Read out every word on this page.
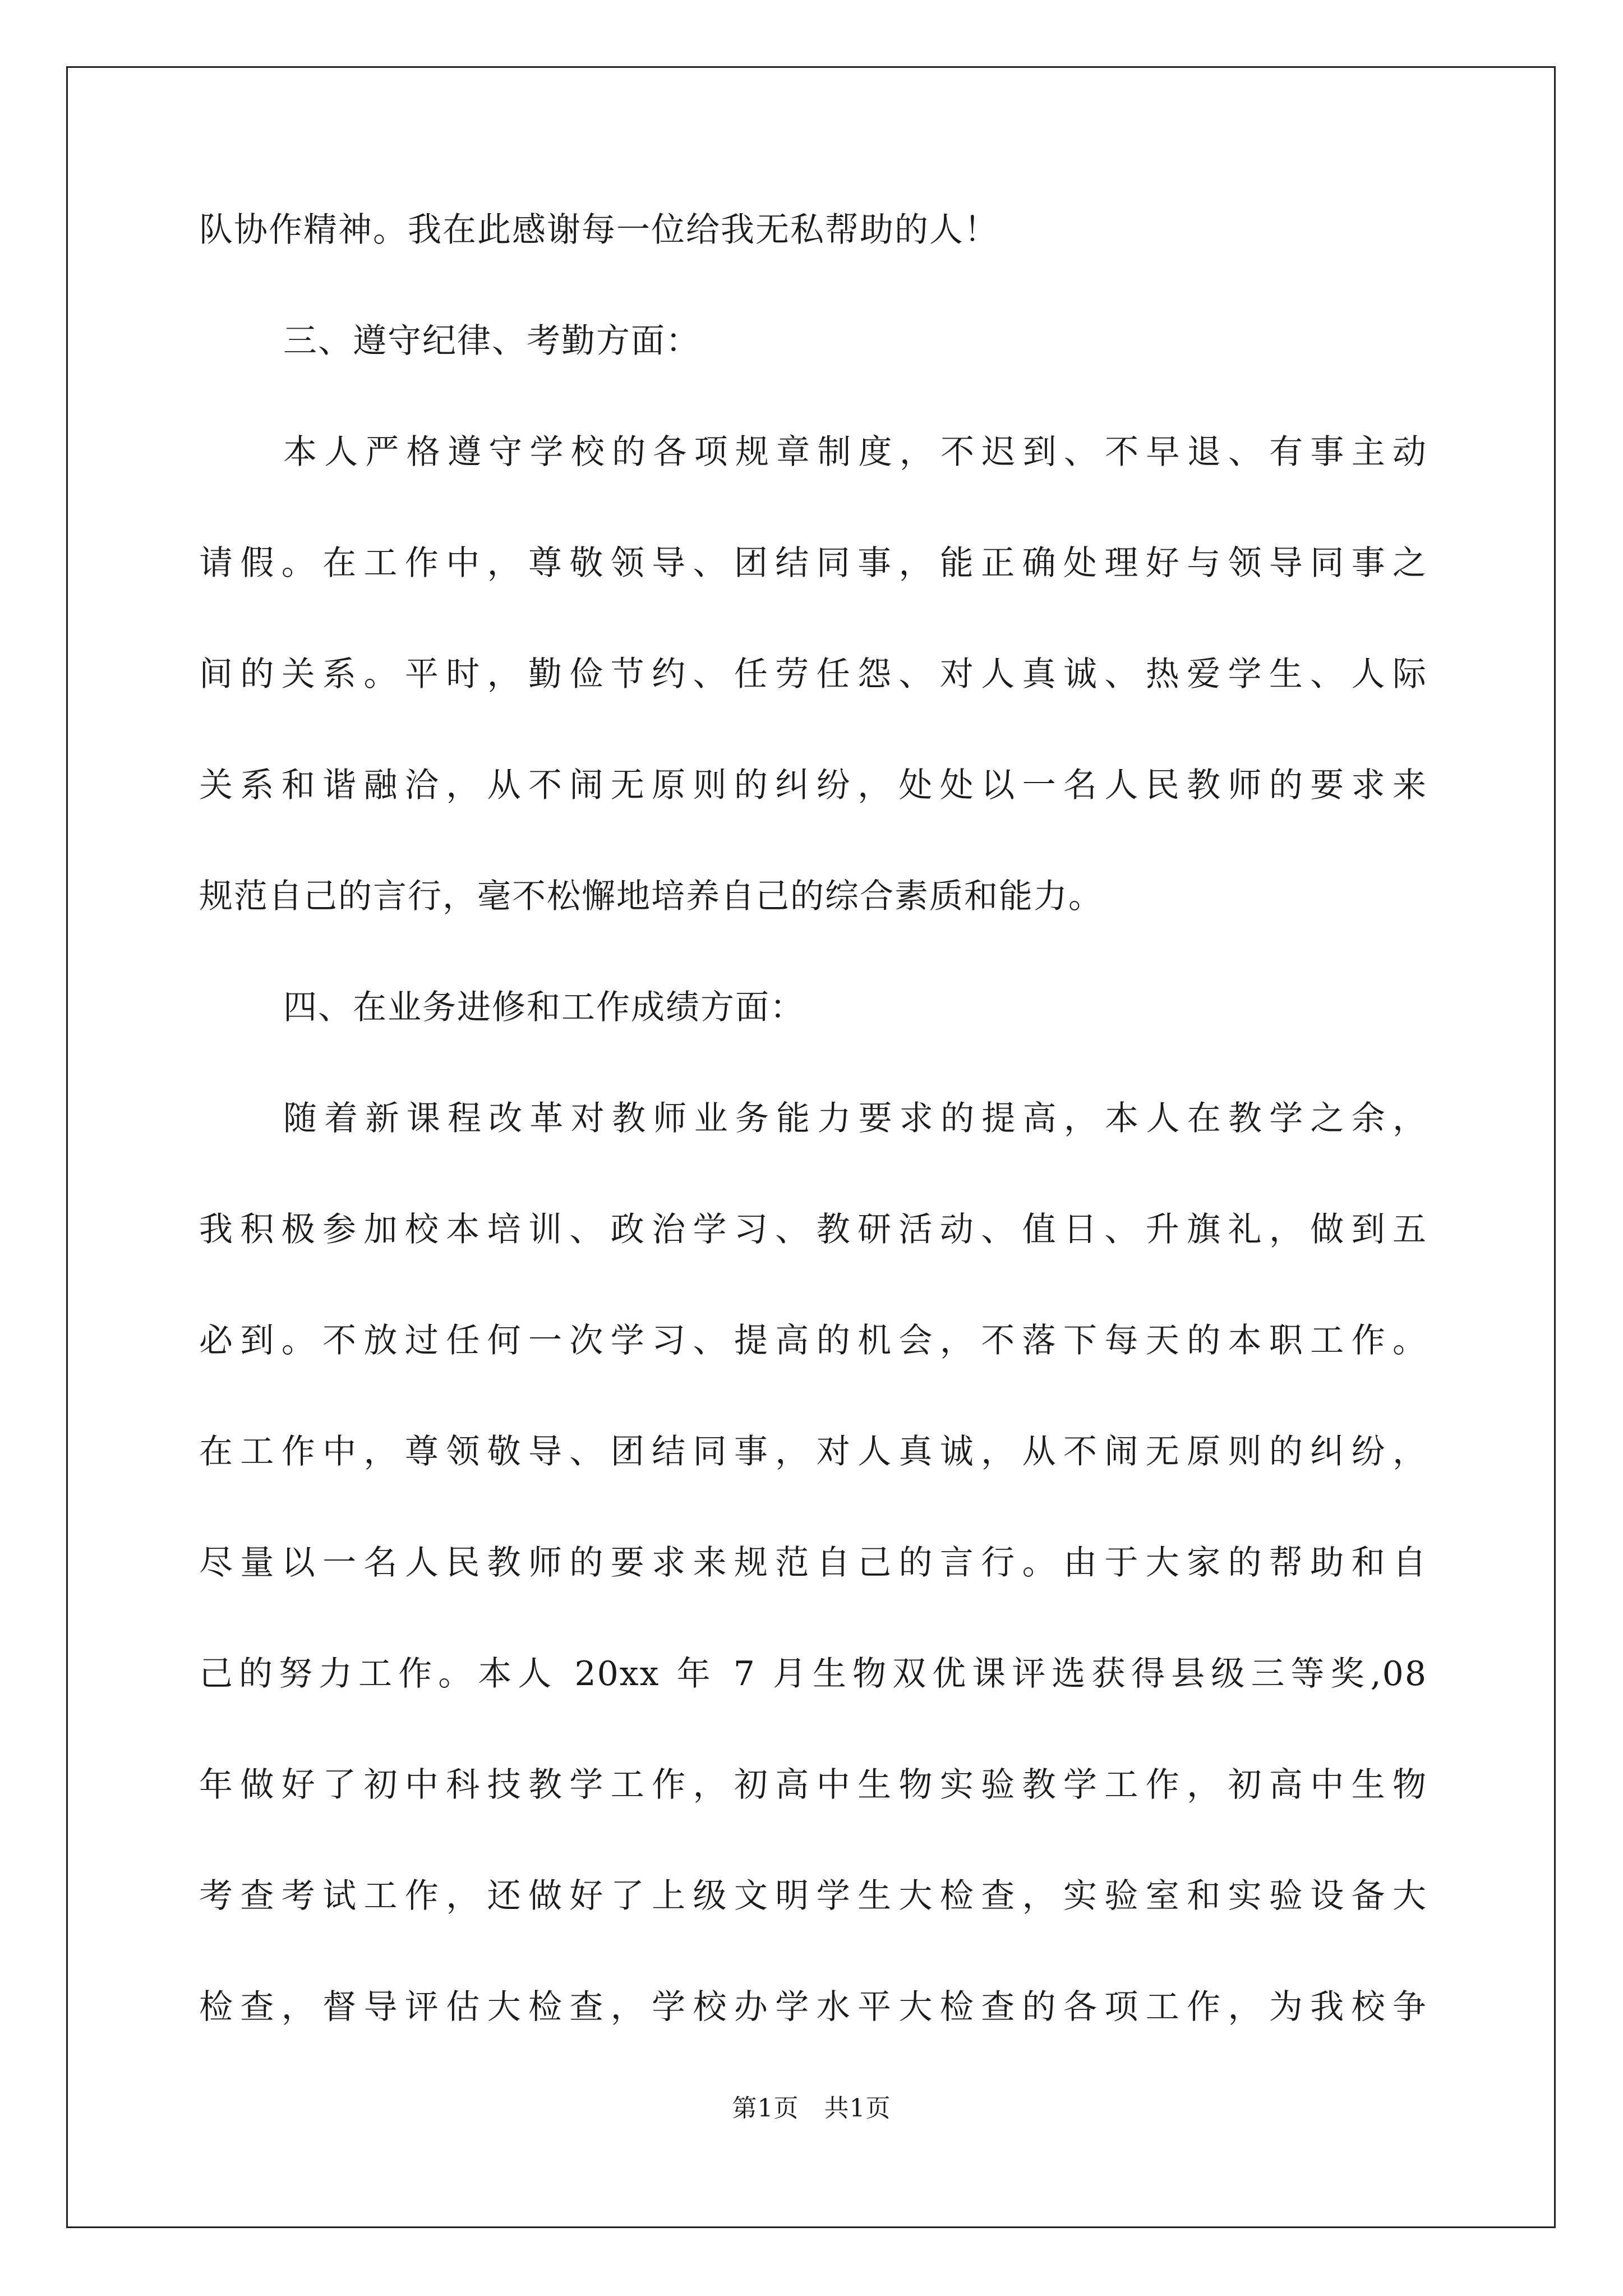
队协作精神。我在此感谢每一位给我无私帮助的人！
三、遵守纪律、考勤方面：
本人严格遵守学校的各项规章制度，不迟到、不早退、有事主动
请假。在工作中，尊敬领导、团结同事，能正确处理好与领导同事之
间的关系。平时，勤俭节约、任劳任怨、对人真诚、热爱学生、人际
关系和谐融洽，从不闹无原则的纠纷，处处以一名人民教师的要求来
规范自己的言行，毫不松懈地培养自己的综合素质和能力。
四、在业务进修和工作成绩方面：
随着新课程改革对教师业务能力要求的提高，本人在教学之余，
我积极参加校本培训、政治学习、教研活动、值日、升旗礼，做到五
必到。不放过任何一次学习、提高的机会，不落下每天的本职工作。
在工作中，尊领敬导、团结同事，对人真诚，从不闹无原则的纠纷，
尽量以一名人民教师的要求来规范自己的言行。由于大家的帮助和自
己的努力工作。本人 20xx 年 7 月生物双优课评选获得县级三等奖,08
年做好了初中科技教学工作，初高中生物实验教学工作，初高中生物
考查考试工作，还做好了上级文明学生大检查，实验室和实验设备大
检查，督导评估大检查，学校办学水平大检查的各项工作，为我校争
第1页　共1页
